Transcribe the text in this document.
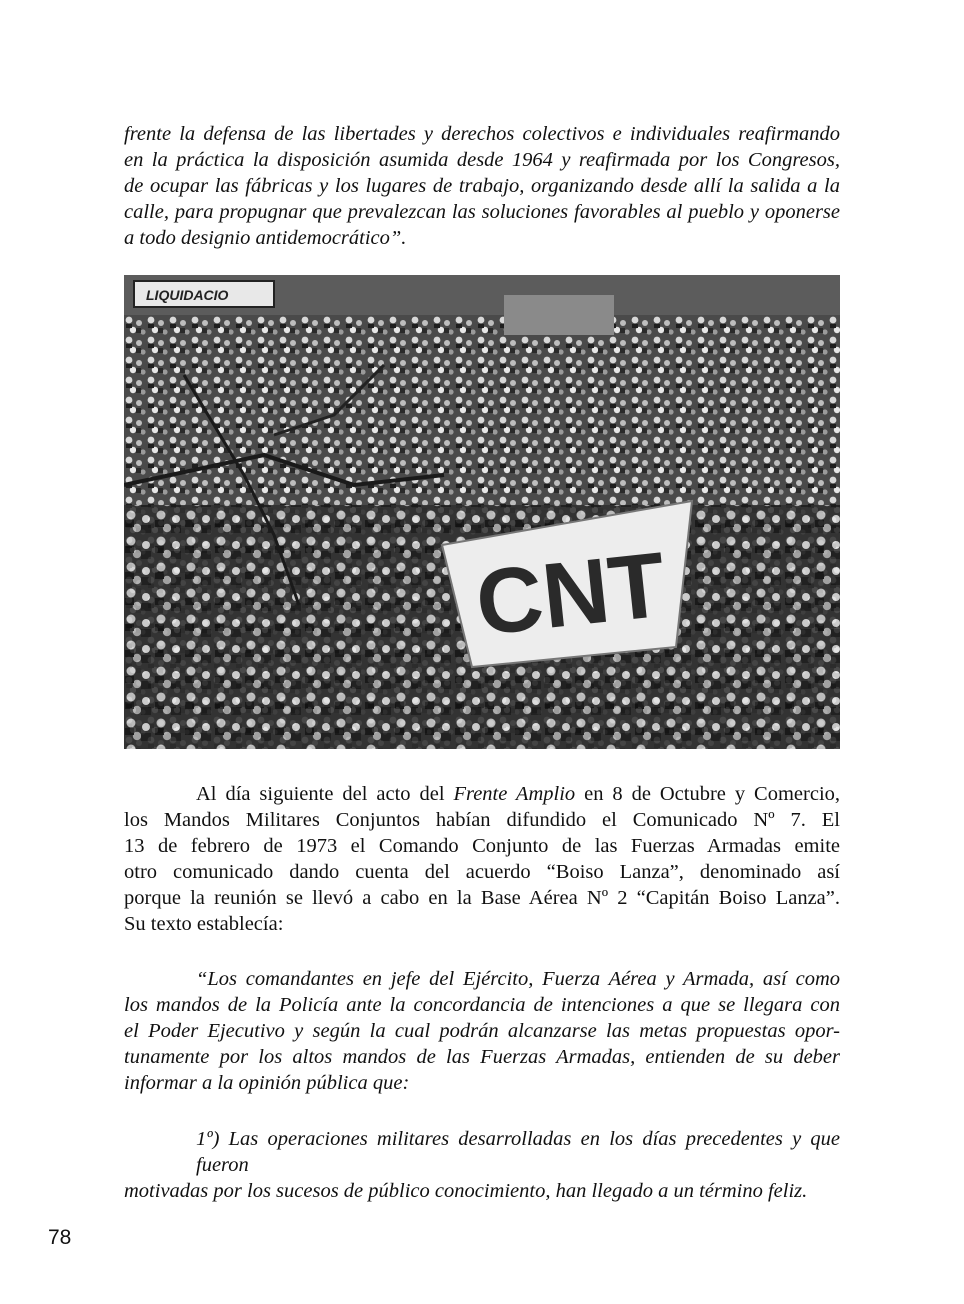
frente la defensa de las libertades y derechos colectivos e individuales reafirmando
en la práctica la disposición asumida desde 1964 y reafirmada por los Congresos,
de ocupar las fábricas y los lugares de trabajo, organizando desde allí la salida a la
calle, para propugnar que prevalezcan las soluciones favorables al pueblo y oponerse
a todo designio antidemocrático”.
LIQUIDACIO
CNT
Al día siguiente del acto del Frente Amplio en 8 de Octubre y Comercio,
los Mandos Militares Conjuntos habían difundido el Comunicado Nº 7. El
13 de febrero de 1973 el Comando Conjunto de las Fuerzas Armadas emite
otro comunicado dando cuenta del acuerdo “Boiso Lanza”, denominado así
porque la reunión se llevó a cabo en la Base Aérea Nº 2 “Capitán Boiso Lanza”.
Su texto establecía:
“Los comandantes en jefe del Ejército, Fuerza Aérea y Armada, así como
los mandos de la Policía ante la concordancia de intenciones a que se llegara con
el Poder Ejecutivo y según la cual podrán alcanzarse las metas propuestas opor-
tunamente por los altos mandos de las Fuerzas Armadas, entienden de su deber
informar a la opinión pública que:
1º) Las operaciones militares desarrolladas en los días precedentes y que fueron
motivadas por los sucesos de público conocimiento, han llegado a un término feliz.
78
